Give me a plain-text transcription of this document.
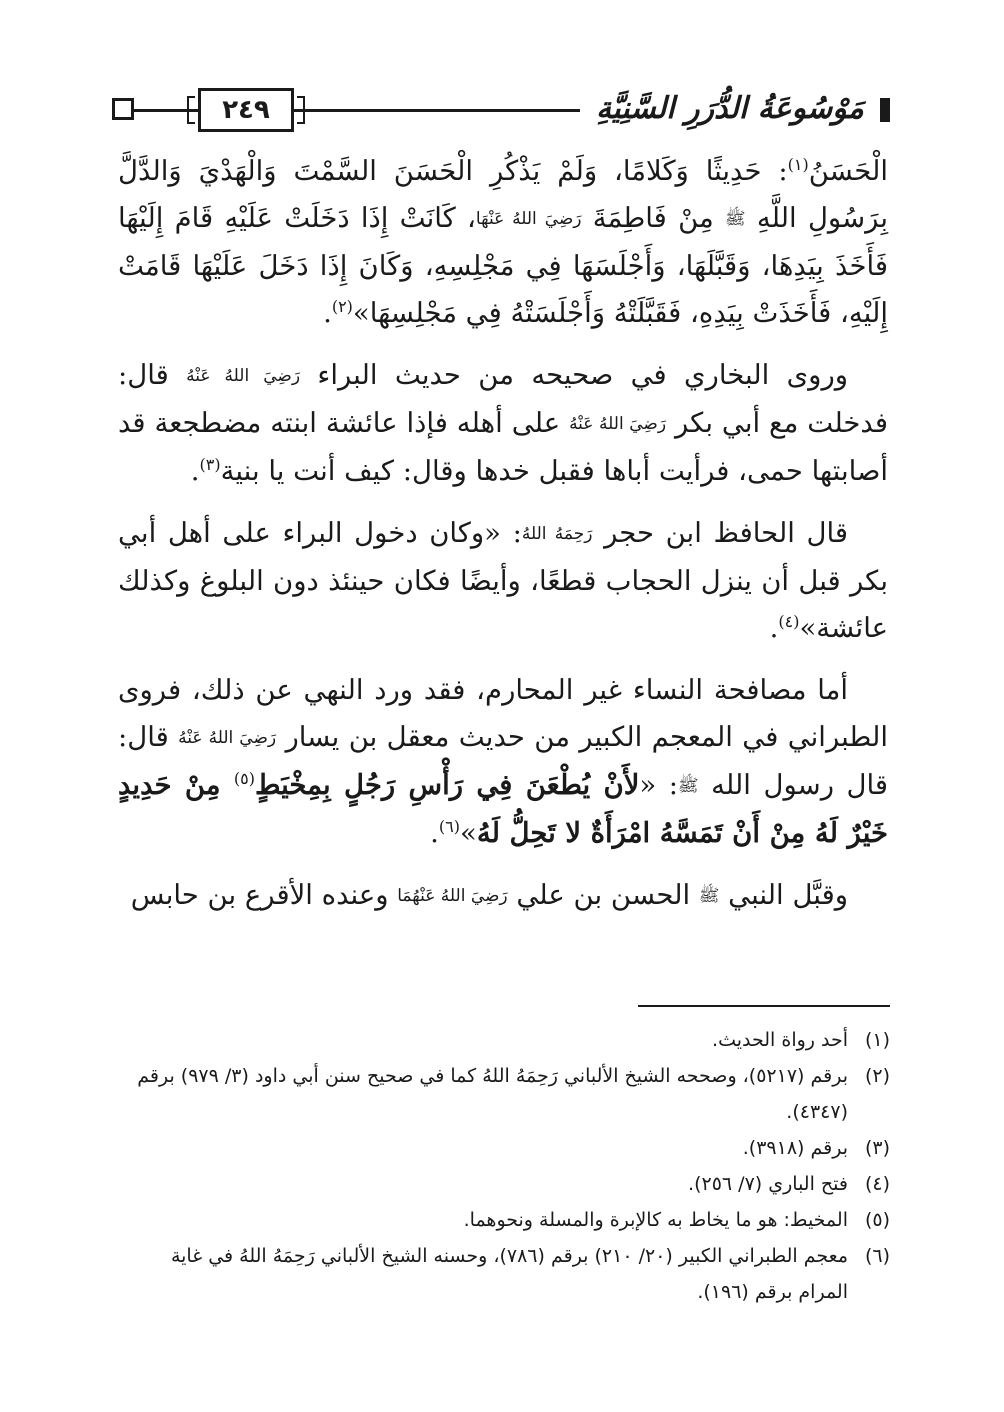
٢٤٩	مَوْسُوعَةُ الدُّرَرِ السَّنِيَّةِ

الْحَسَنُ$^{(١)}$: حَدِيثًا وَكَلامًا، وَلَمْ يَذْكُرِ الْحَسَنَ السَّمْتَ وَالْهَدْيَ وَالدَّلَّ بِرَسُولِ اللَّهِ ﷺ مِنْ فَاطِمَةَ رَضِيَ اللهُ عَنْهَا، كَانَتْ إِذَا دَخَلَتْ عَلَيْهِ قَامَ إِلَيْهَا فَأَخَذَ بِيَدِهَا، وَقَبَّلَهَا، وَأَجْلَسَهَا فِي مَجْلِسِهِ، وَكَانَ إِذَا دَخَلَ عَلَيْهَا قَامَتْ إِلَيْهِ، فَأَخَذَتْ بِيَدِهِ، فَقَبَّلَتْهُ وَأَجْلَسَتْهُ فِي مَجْلِسِهَا»$^{(٢)}$.

وروى البخاري في صحيحه من حديث البراء رَضِيَ اللهُ عَنْهُ قال: فدخلت مع أبي بكر رَضِيَ اللهُ عَنْهُ على أهله فإذا عائشة ابنته مضطجعة قد أصابتها حمى، فرأيت أباها فقبل خدها وقال: كيف أنت يا بنية$^{(٣)}$.

قال الحافظ ابن حجر رَحِمَهُ اللهُ: «وكان دخول البراء على أهل أبي بكر قبل أن ينزل الحجاب قطعًا، وأيضًا فكان حينئذ دون البلوغ وكذلك عائشة»$^{(٤)}$.

أما مصافحة النساء غير المحارم، فقد ورد النهي عن ذلك، فروى الطبراني في المعجم الكبير من حديث معقل بن يسار رَضِيَ اللهُ عَنْهُ قال: قال رسول الله ﷺ: «لأَنْ يُطْعَنَ فِي رَأْسِ رَجُلٍ بِمِخْيَطٍ$^{(٥)}$ مِنْ حَدِيدٍ خَيْرٌ لَهُ مِنْ أَنْ تَمَسَّهُ امْرَأَةٌ لا تَحِلُّ لَهُ»$^{(٦)}$.

وقبَّل النبي ﷺ الحسن بن علي رَضِيَ اللهُ عَنْهُمَا وعنده الأقرع بن حابس

(١)أحد رواة الحديث.

(٢)برقم (٥٢١٧)، وصححه الشيخ الألباني رَحِمَهُ اللهُ كما في صحيح سنن أبي داود (٣/ ٩٧٩) برقم (٤٣٤٧).

(٣)برقم (٣٩١٨).

(٤)فتح الباري (٧/ ٢٥٦).

(٥)المخيط: هو ما يخاط به كالإبرة والمسلة ونحوهما.

(٦)معجم الطبراني الكبير (٢٠/ ٢١٠) برقم (٧٨٦)، وحسنه الشيخ الألباني رَحِمَهُ اللهُ في غاية المرام برقم (١٩٦).
